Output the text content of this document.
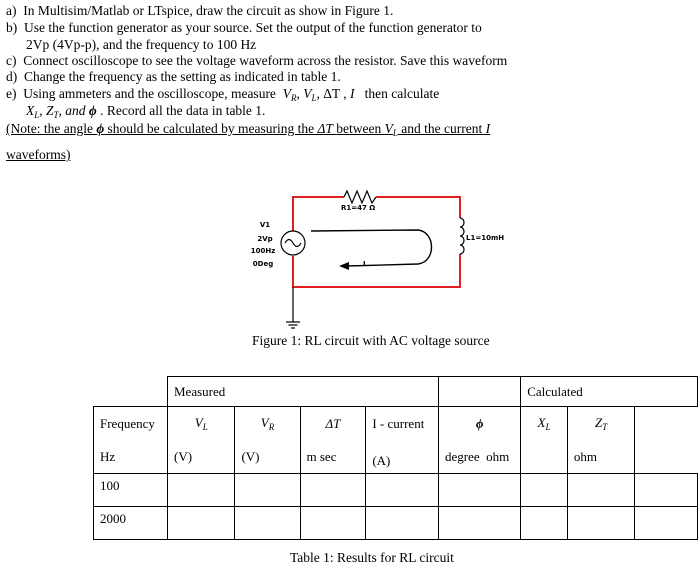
a) In Multisim/Matlab or LTspice, draw the circuit as show in Figure 1.
b) Use the function generator as your source. Set the output of the function generator to
2Vp (4Vp-p), and the frequency to 100 Hz
c) Connect oscilloscope to see the voltage waveform across the resistor. Save this waveform
d) Change the frequency as the setting as indicated in table 1.
e) Using ammeters and the oscilloscope, measure $V_R$, $V_L$, ΔT , I then calculate
$X_L$, $Z_T$, and ϕ . Record all the data in table 1.
(Note: the angle ϕ should be calculated by measuring the ΔT between $V_L$ and the current I
waveforms)
R1=47 Ω
L1=10mH
V1
2Vp
100Hz
0Deg	I
Figure 1: RL circuit with AC voltage source
	Measured					Calculated		
Frequency	$V_L$	$V_R$	ΔT	I - current	ϕ	$X_L$	$Z_T$	
Hz	(V)	(V)	m sec	(A)	degree ohm		ohm	
100								
2000								
Table 1: Results for RL circuit
